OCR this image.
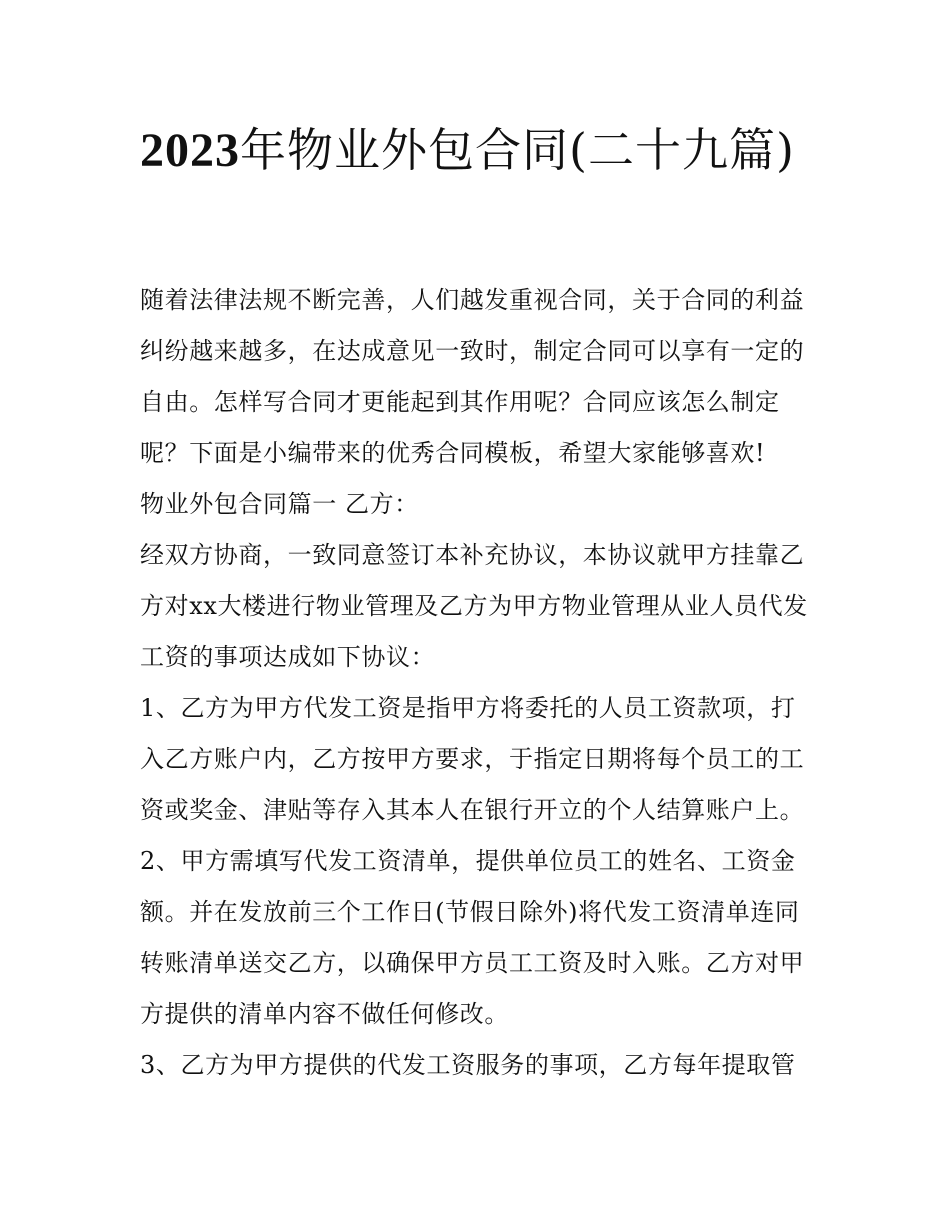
2023年物业外包合同(二十九篇)

随着法律法规不断完善，人们越发重视合同，关于合同的利益纠纷越来越多，在达成意见一致时，制定合同可以享有一定的自由。怎样写合同才更能起到其作用呢？合同应该怎么制定呢？下面是小编带来的优秀合同模板，希望大家能够喜欢!

物业外包合同篇一 乙方：

经双方协商，一致同意签订本补充协议，本协议就甲方挂靠乙方对xx大楼进行物业管理及乙方为甲方物业管理从业人员代发工资的事项达成如下协议：

1、乙方为甲方代发工资是指甲方将委托的人员工资款项，打入乙方账户内，乙方按甲方要求，于指定日期将每个员工的工资或奖金、津贴等存入其本人在银行开立的个人结算账户上。

2、甲方需填写代发工资清单，提供单位员工的姓名、工资金额。并在发放前三个工作日(节假日除外)将代发工资清单连同转账清单送交乙方，以确保甲方员工工资及时入账。乙方对甲方提供的清单内容不做任何修改。

3、乙方为甲方提供的代发工资服务的事项，乙方每年提取管
